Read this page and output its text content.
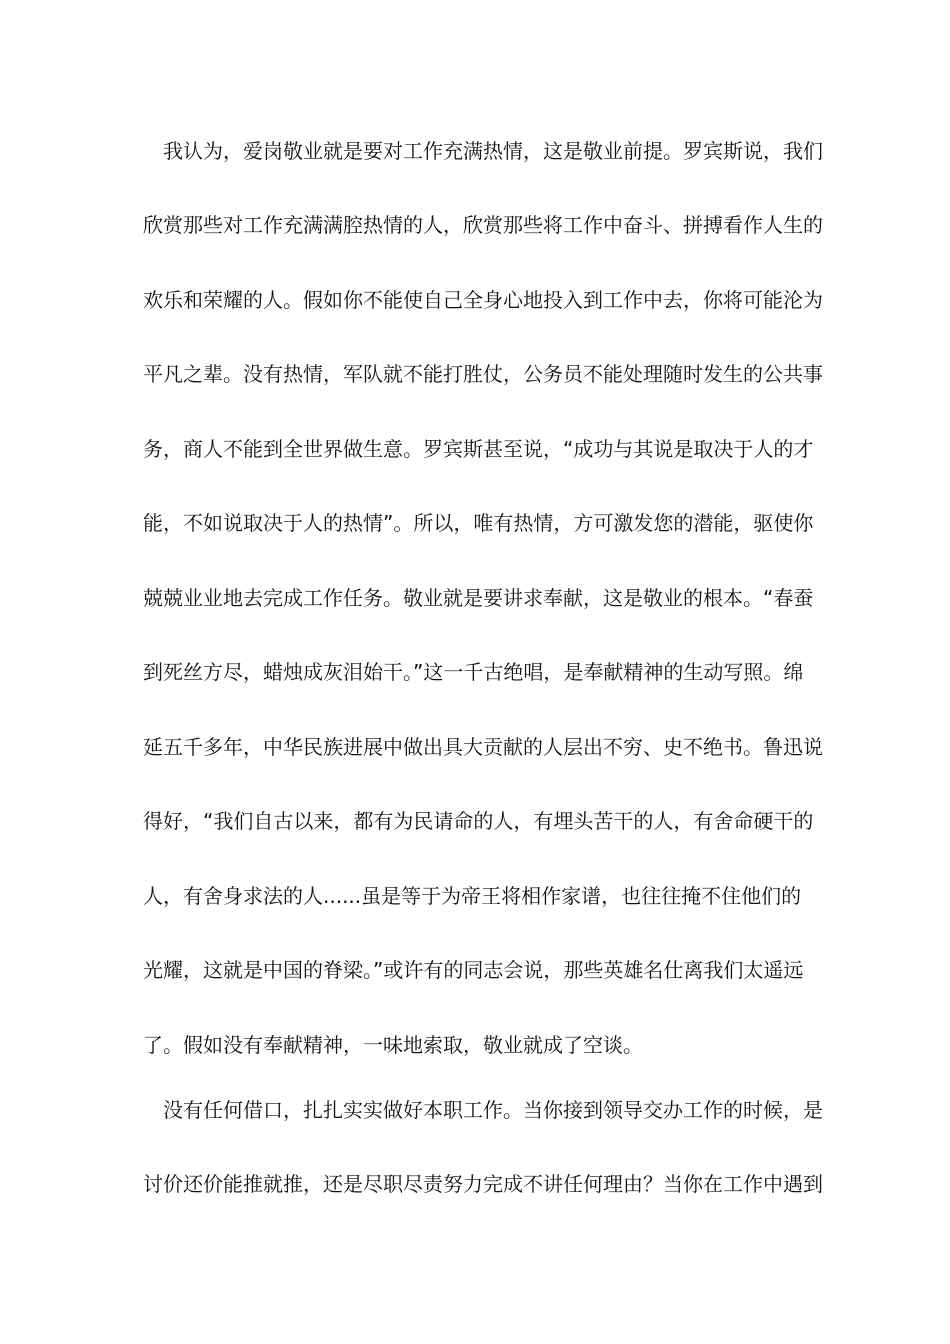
我认为，爱岗敬业就是要对工作充满热情，这是敬业前提。罗宾斯说，我们
欣赏那些对工作充满满腔热情的人，欣赏那些将工作中奋斗、拼搏看作人生的
欢乐和荣耀的人。假如你不能使自己全身心地投入到工作中去，你将可能沦为
平凡之辈。没有热情，军队就不能打胜仗，公务员不能处理随时发生的公共事
务，商人不能到全世界做生意。罗宾斯甚至说，“成功与其说是取决于人的才
能，不如说取决于人的热情”。所以，唯有热情，方可激发您的潜能，驱使你
兢兢业业地去完成工作任务。敬业就是要讲求奉献，这是敬业的根本。“春蚕
到死丝方尽，蜡烛成灰泪始干。”这一千古绝唱，是奉献精神的生动写照。绵
延五千多年，中华民族进展中做出具大贡献的人层出不穷、史不绝书。鲁迅说
得好，“我们自古以来，都有为民请命的人，有埋头苦干的人，有舍命硬干的
人，有舍身求法的人......虽是等于为帝王将相作家谱，也往往掩不住他们的
光耀，这就是中国的脊梁。”或许有的同志会说，那些英雄名仕离我们太遥远
了。假如没有奉献精神，一味地索取，敬业就成了空谈。
没有任何借口，扎扎实实做好本职工作。当你接到领导交办工作的时候，是
讨价还价能推就推，还是尽职尽责努力完成不讲任何理由？当你在工作中遇到
